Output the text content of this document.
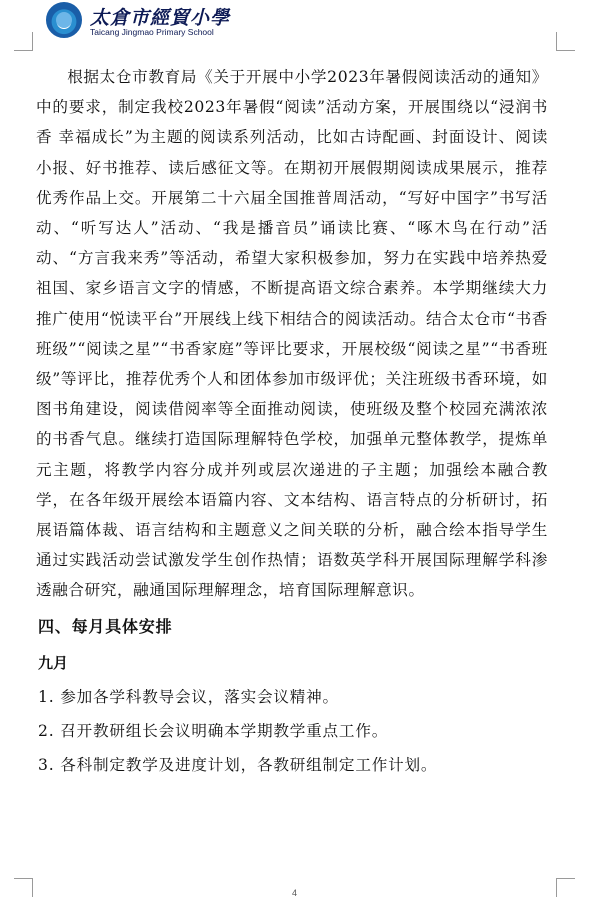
太倉市經貿小學
Taicang Jingmao Primary School

根据太仓市教育局《关于开展中小学2023年暑假阅读活动的通知》中的要求，制定我校2023年暑假“阅读”活动方案，开展围绕以“浸润书香 幸福成长”为主题的阅读系列活动，比如古诗配画、封面设计、阅读小报、好书推荐、读后感征文等。在期初开展假期阅读成果展示，推荐优秀作品上交。开展第二十六届全国推普周活动，“写好中国字”书写活动、“听写达人”活动、“我是播音员”诵读比赛、“啄木鸟在行动”活动、“方言我来秀”等活动，希望大家积极参加，努力在实践中培养热爱祖国、家乡语言文字的情感，不断提高语文综合素养。本学期继续大力推广使用“悦读平台”开展线上线下相结合的阅读活动。结合太仓市“书香班级”“阅读之星”“书香家庭”等评比要求，开展校级“阅读之星”“书香班级”等评比，推荐优秀个人和团体参加市级评优；关注班级书香环境，如图书角建设，阅读借阅率等全面推动阅读，使班级及整个校园充满浓浓的书香气息。继续打造国际理解特色学校，加强单元整体教学，提炼单元主题，将教学内容分成并列或层次递进的子主题；加强绘本融合教学，在各年级开展绘本语篇内容、文本结构、语言特点的分析研讨，拓展语篇体裁、语言结构和主题意义之间关联的分析，融合绘本指导学生通过实践活动尝试激发学生创作热情；语数英学科开展国际理解学科渗透融合研究，融通国际理解理念，培育国际理解意识。

四、每月具体安排
九月
1. 参加各学科教导会议，落实会议精神。
2. 召开教研组长会议明确本学期教学重点工作。
3. 各科制定教学及进度计划，各教研组制定工作计划。
4
